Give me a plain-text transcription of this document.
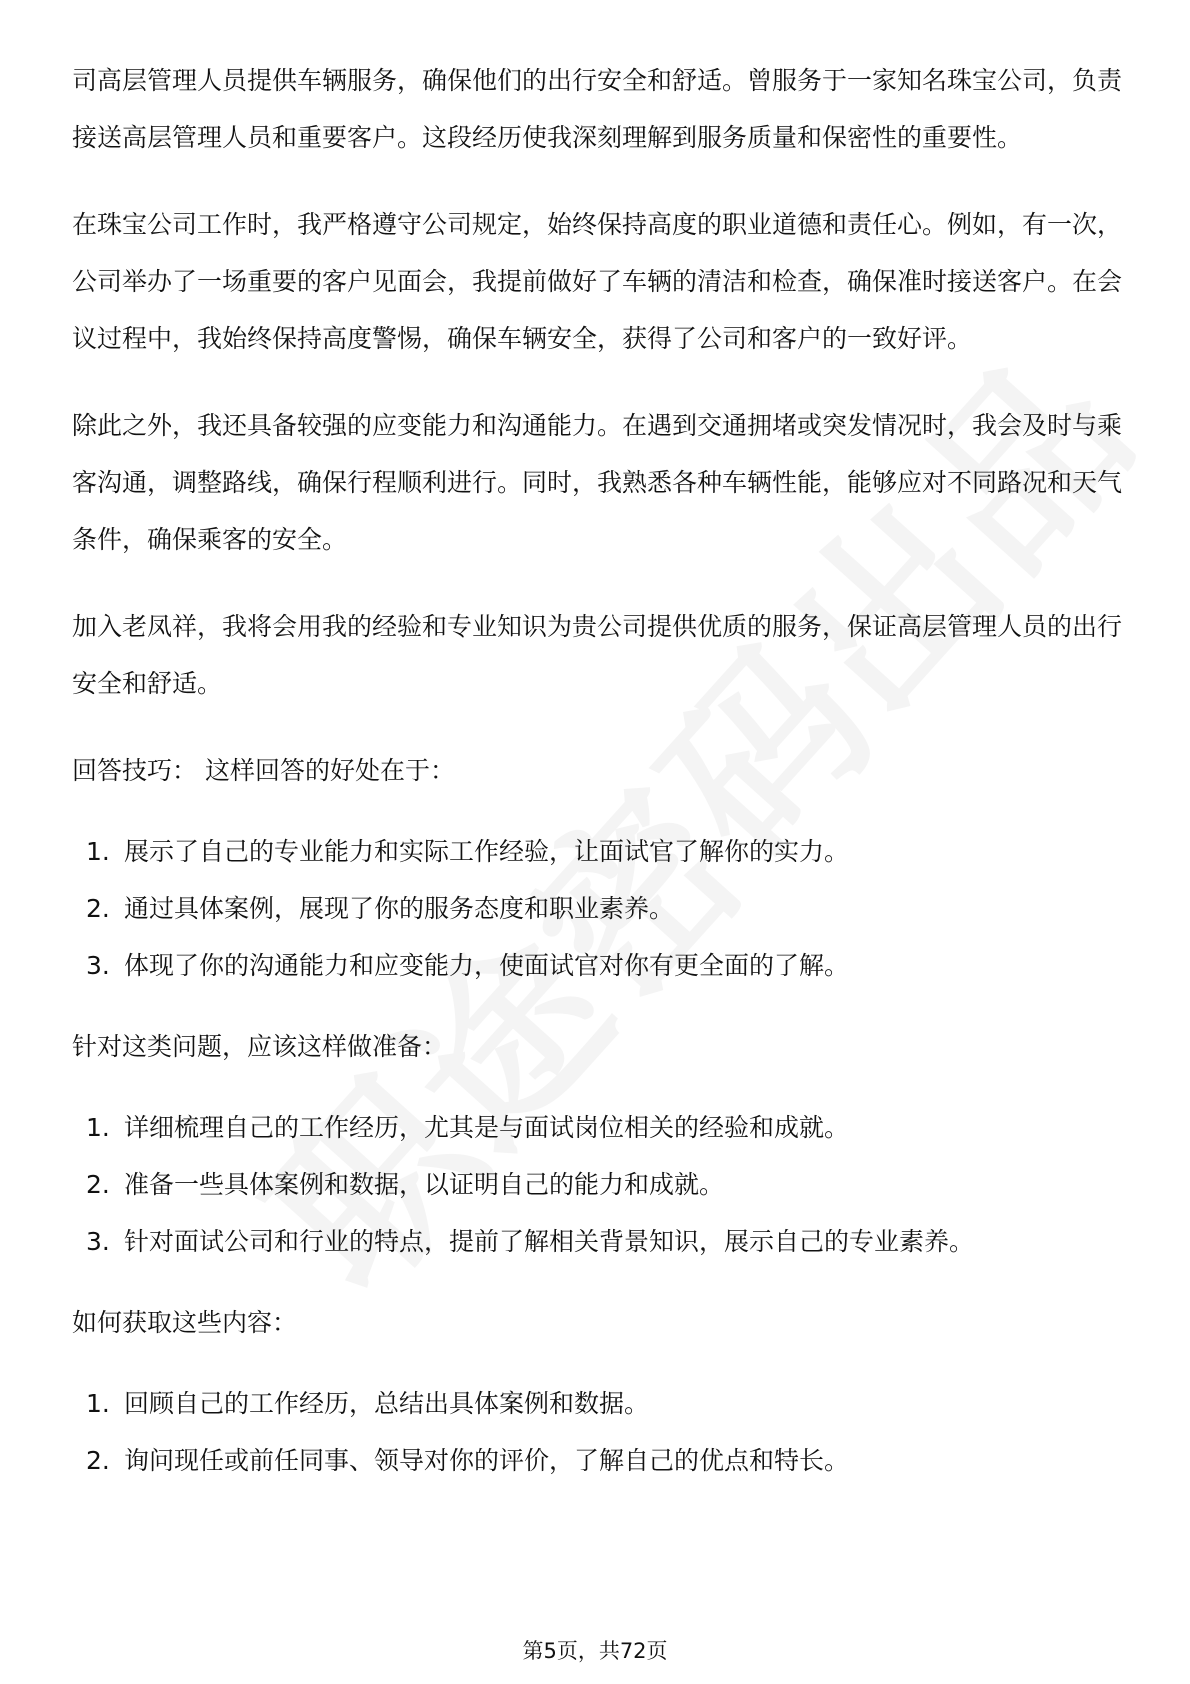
司高层管理人员提供车辆服务，确保他们的出行安全和舒适。曾服务于一家知名珠宝公司，负责接送高层管理人员和重要客户。这段经历使我深刻理解到服务质量和保密性的重要性。

在珠宝公司工作时，我严格遵守公司规定，始终保持高度的职业道德和责任心。例如，有一次，公司举办了一场重要的客户见面会，我提前做好了车辆的清洁和检查，确保准时接送客户。在会议过程中，我始终保持高度警惕，确保车辆安全，获得了公司和客户的一致好评。

除此之外，我还具备较强的应变能力和沟通能力。在遇到交通拥堵或突发情况时，我会及时与乘客沟通，调整路线，确保行程顺利进行。同时，我熟悉各种车辆性能，能够应对不同路况和天气条件，确保乘客的安全。

加入老凤祥，我将会用我的经验和专业知识为贵公司提供优质的服务，保证高层管理人员的出行安全和舒适。

回答技巧： 这样回答的好处在于：

1. 展示了自己的专业能力和实际工作经验，让面试官了解你的实力。
2. 通过具体案例，展现了你的服务态度和职业素养。
3. 体现了你的沟通能力和应变能力，使面试官对你有更全面的了解。

针对这类问题，应该这样做准备：

1. 详细梳理自己的工作经历，尤其是与面试岗位相关的经验和成就。
2. 准备一些具体案例和数据，以证明自己的能力和成就。
3. 针对面试公司和行业的特点，提前了解相关背景知识，展示自己的专业素养。

如何获取这些内容：

1. 回顾自己的工作经历，总结出具体案例和数据。
2. 询问现任或前任同事、领导对你的评价，了解自己的优点和特长。
第5页，共72页
